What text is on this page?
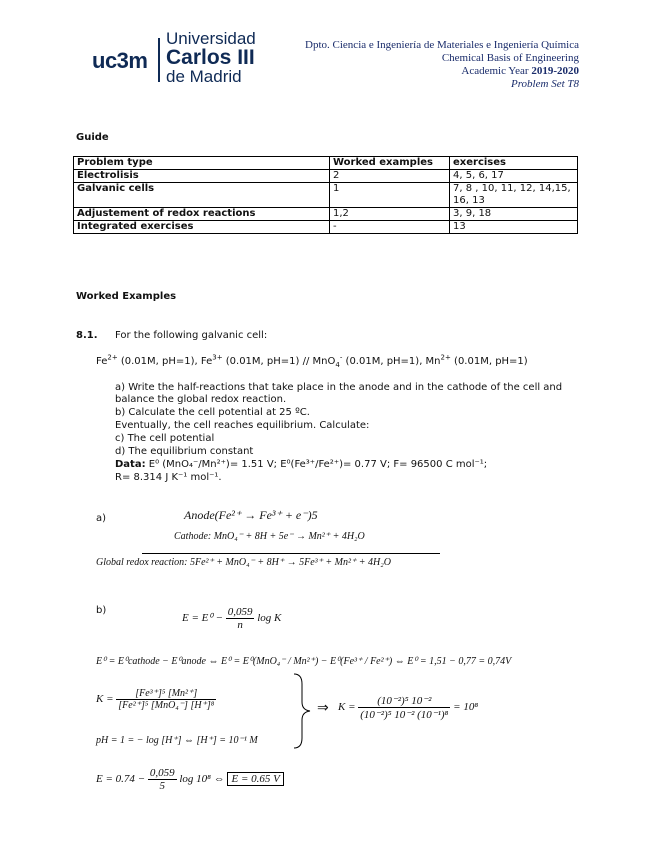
uc3m
Universidad
Carlos III
de Madrid
Dpto. Ciencia e Ingeniería de Materiales e Ingeniería Química
Chemical Basis of Engineering
Academic Year 2019-2020
Problem Set T8
Guide
Problem type	Worked examples	exercises
Electrolisis	2	4, 5, 6, 17
Galvanic cells	1	7, 8 , 10, 11, 12, 14,15, 16, 13
Adjustement of redox reactions	1,2	3, 9, 18
Integrated exercises	-	13
Worked Examples
8.1. For the following galvanic cell:
$Fe^{2+}$ (0.01M, pH=1), $Fe^{3+}$ (0.01M, pH=1) // MnO$_4$- (0.01M, pH=1), $Mn^{2+}$ (0.01M, pH=1)
a) Write the half-reactions that take place in the anode and in the cathode of the cell and balance the global redox reaction.
b) Calculate the cell potential at 25 ºC.
Eventually, the cell reaches equilibrium. Calculate:
c) The cell potential
d) The equilibrium constant
Data: E⁰ (MnO₄⁻/Mn²⁺)= 1.51 V; E⁰(Fe³⁺/Fe²⁺)= 0.77 V; F= 96500 C mol⁻¹;
R= 8.314 J K⁻¹ mol⁻¹.
a)	Anode(Fe²⁺ → Fe³⁺ + e⁻)5
Cathode: MnO₄⁻ + 8H + 5e⁻ → Mn²⁺ + 4H₂O
Global redox reaction: 5Fe²⁺ + MnO₄⁻ + 8H⁺ → 5Fe³⁺ + Mn²⁺ + 4H₂O
b)
$E = E^0 - \frac{0,059}{n}$ log K
E⁰ = E⁰cathode − E⁰anode ⇔ E⁰ = E⁰(MnO₄⁻ / Mn²⁺) − E⁰(Fe³⁺ / Fe²⁺) ⇔ E⁰ = 1,51 − 0,77 = 0,74V
$K = \frac{\text{[Fe³⁺]⁵ [Mn²⁺]}}{\text{[Fe²⁺]⁵ [MnO₄⁻] [H⁺]⁸}}$
pH = 1 = − log [H⁺] ⇔ [H⁺] = 10⁻¹ M
⇒ $K = \frac{\text{(10⁻²)⁵ 10⁻²}}{\text{(10⁻²)⁵ 10⁻² (10⁻¹)⁸}} = 10^8$
$E = 0.74 - \frac{0,059}{5}$ log 10⁸ ⇔ E = 0.65 V
